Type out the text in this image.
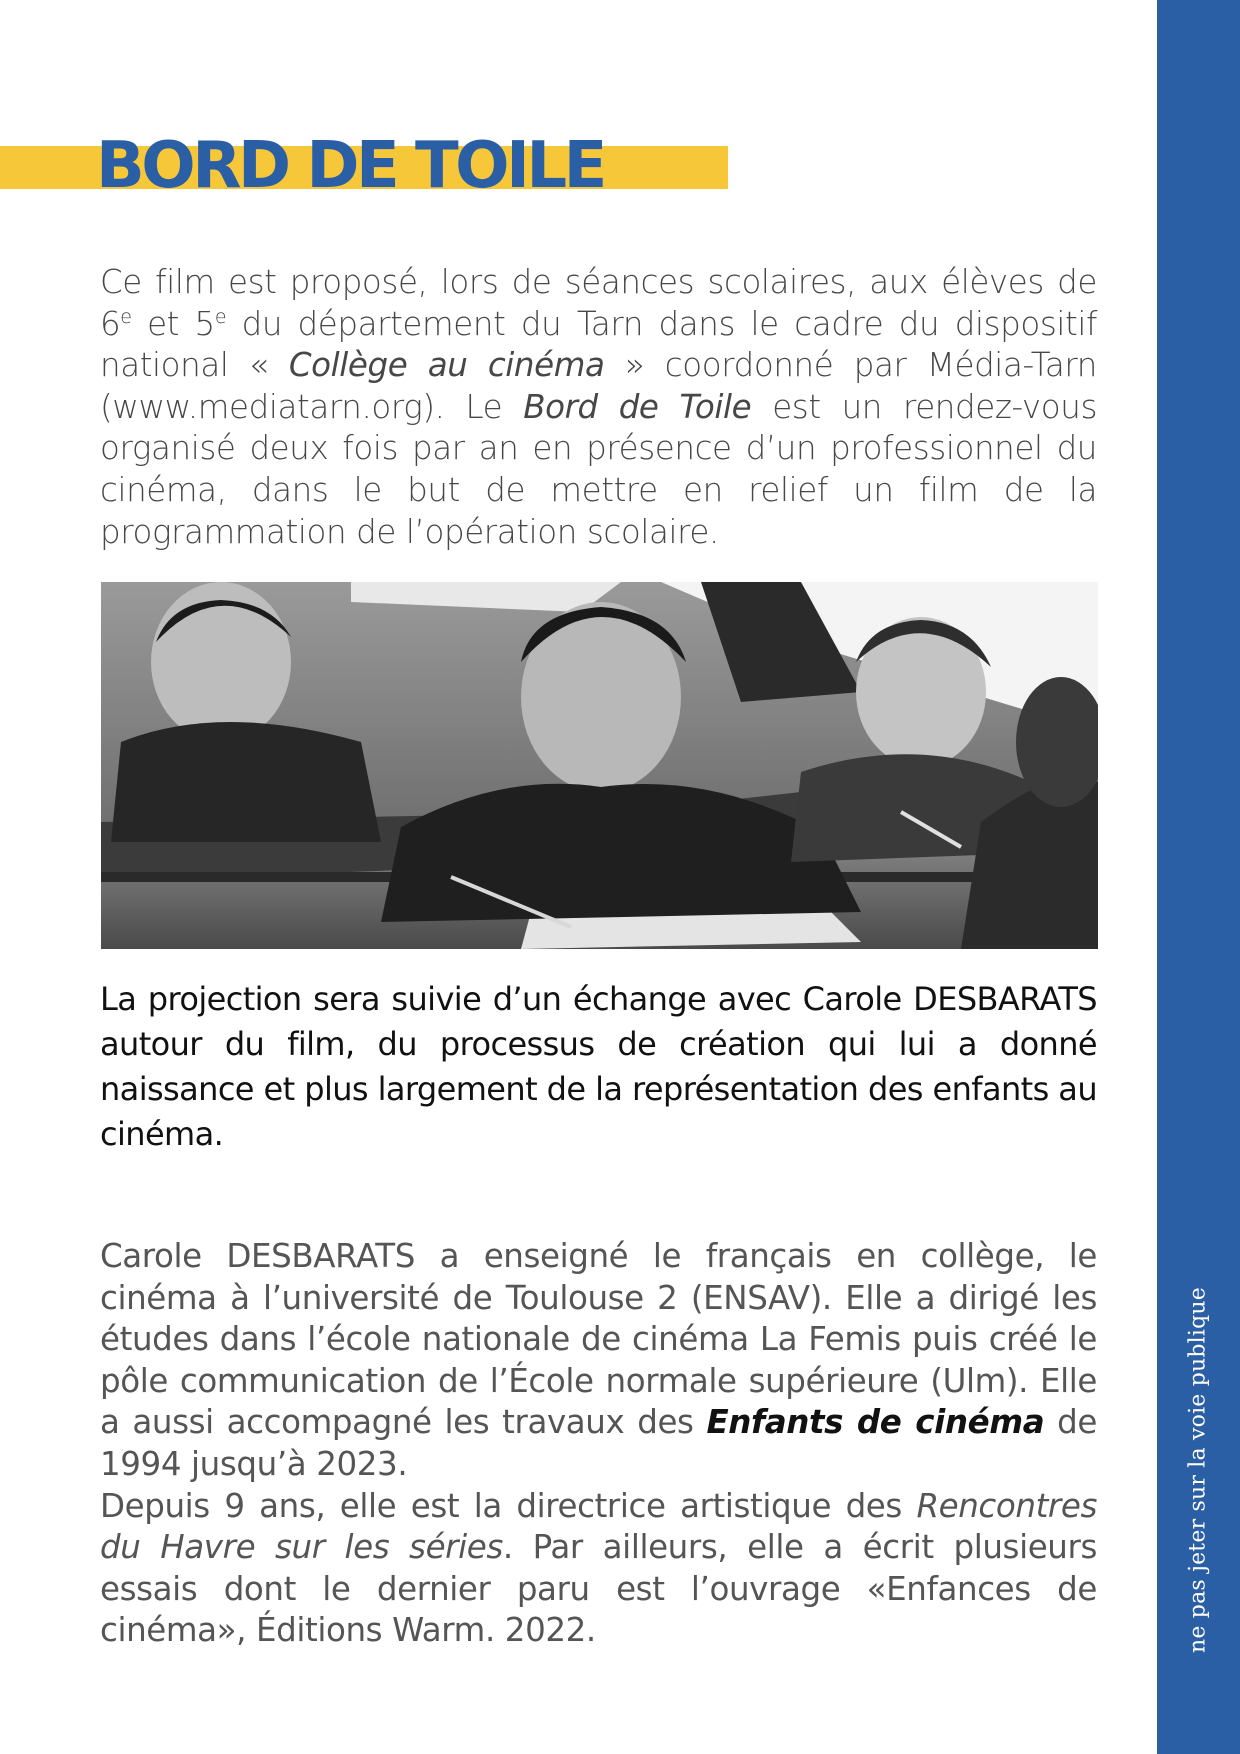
ne pas jeter sur la voie publique
BORD DE TOILE
Ce film est proposé, lors de séances scolaires, aux élèves de 6e et 5e du département du Tarn dans le cadre du dispositif national « Collège au cinéma » coordonné par Média-Tarn (www.mediatarn.org). Le Bord de Toile est un rendez-vous organisé deux fois par an en présence d’un professionnel du cinéma, dans le but de mettre en relief un film de la programmation de l’opération scolaire.
La projection sera suivie d’un échange avec Carole DESBARATS autour du film, du processus de création qui lui a donné naissance et plus largement de la représentation des enfants au cinéma.

Carole DESBARATS a enseigné le français en collège, le cinéma à l’université de Toulouse 2 (ENSAV). Elle a dirigé les études dans l’école nationale de cinéma La Femis puis créé le pôle communication de l’École normale supérieure (Ulm). Elle a aussi accompagné les travaux des Enfants de cinéma de 1994 jusqu’à 2023.

Depuis 9 ans, elle est la directrice artistique des Rencontres du Havre sur les séries. Par ailleurs, elle a écrit plusieurs essais dont le dernier paru est l’ouvrage «Enfances de cinéma», Éditions Warm. 2022.
